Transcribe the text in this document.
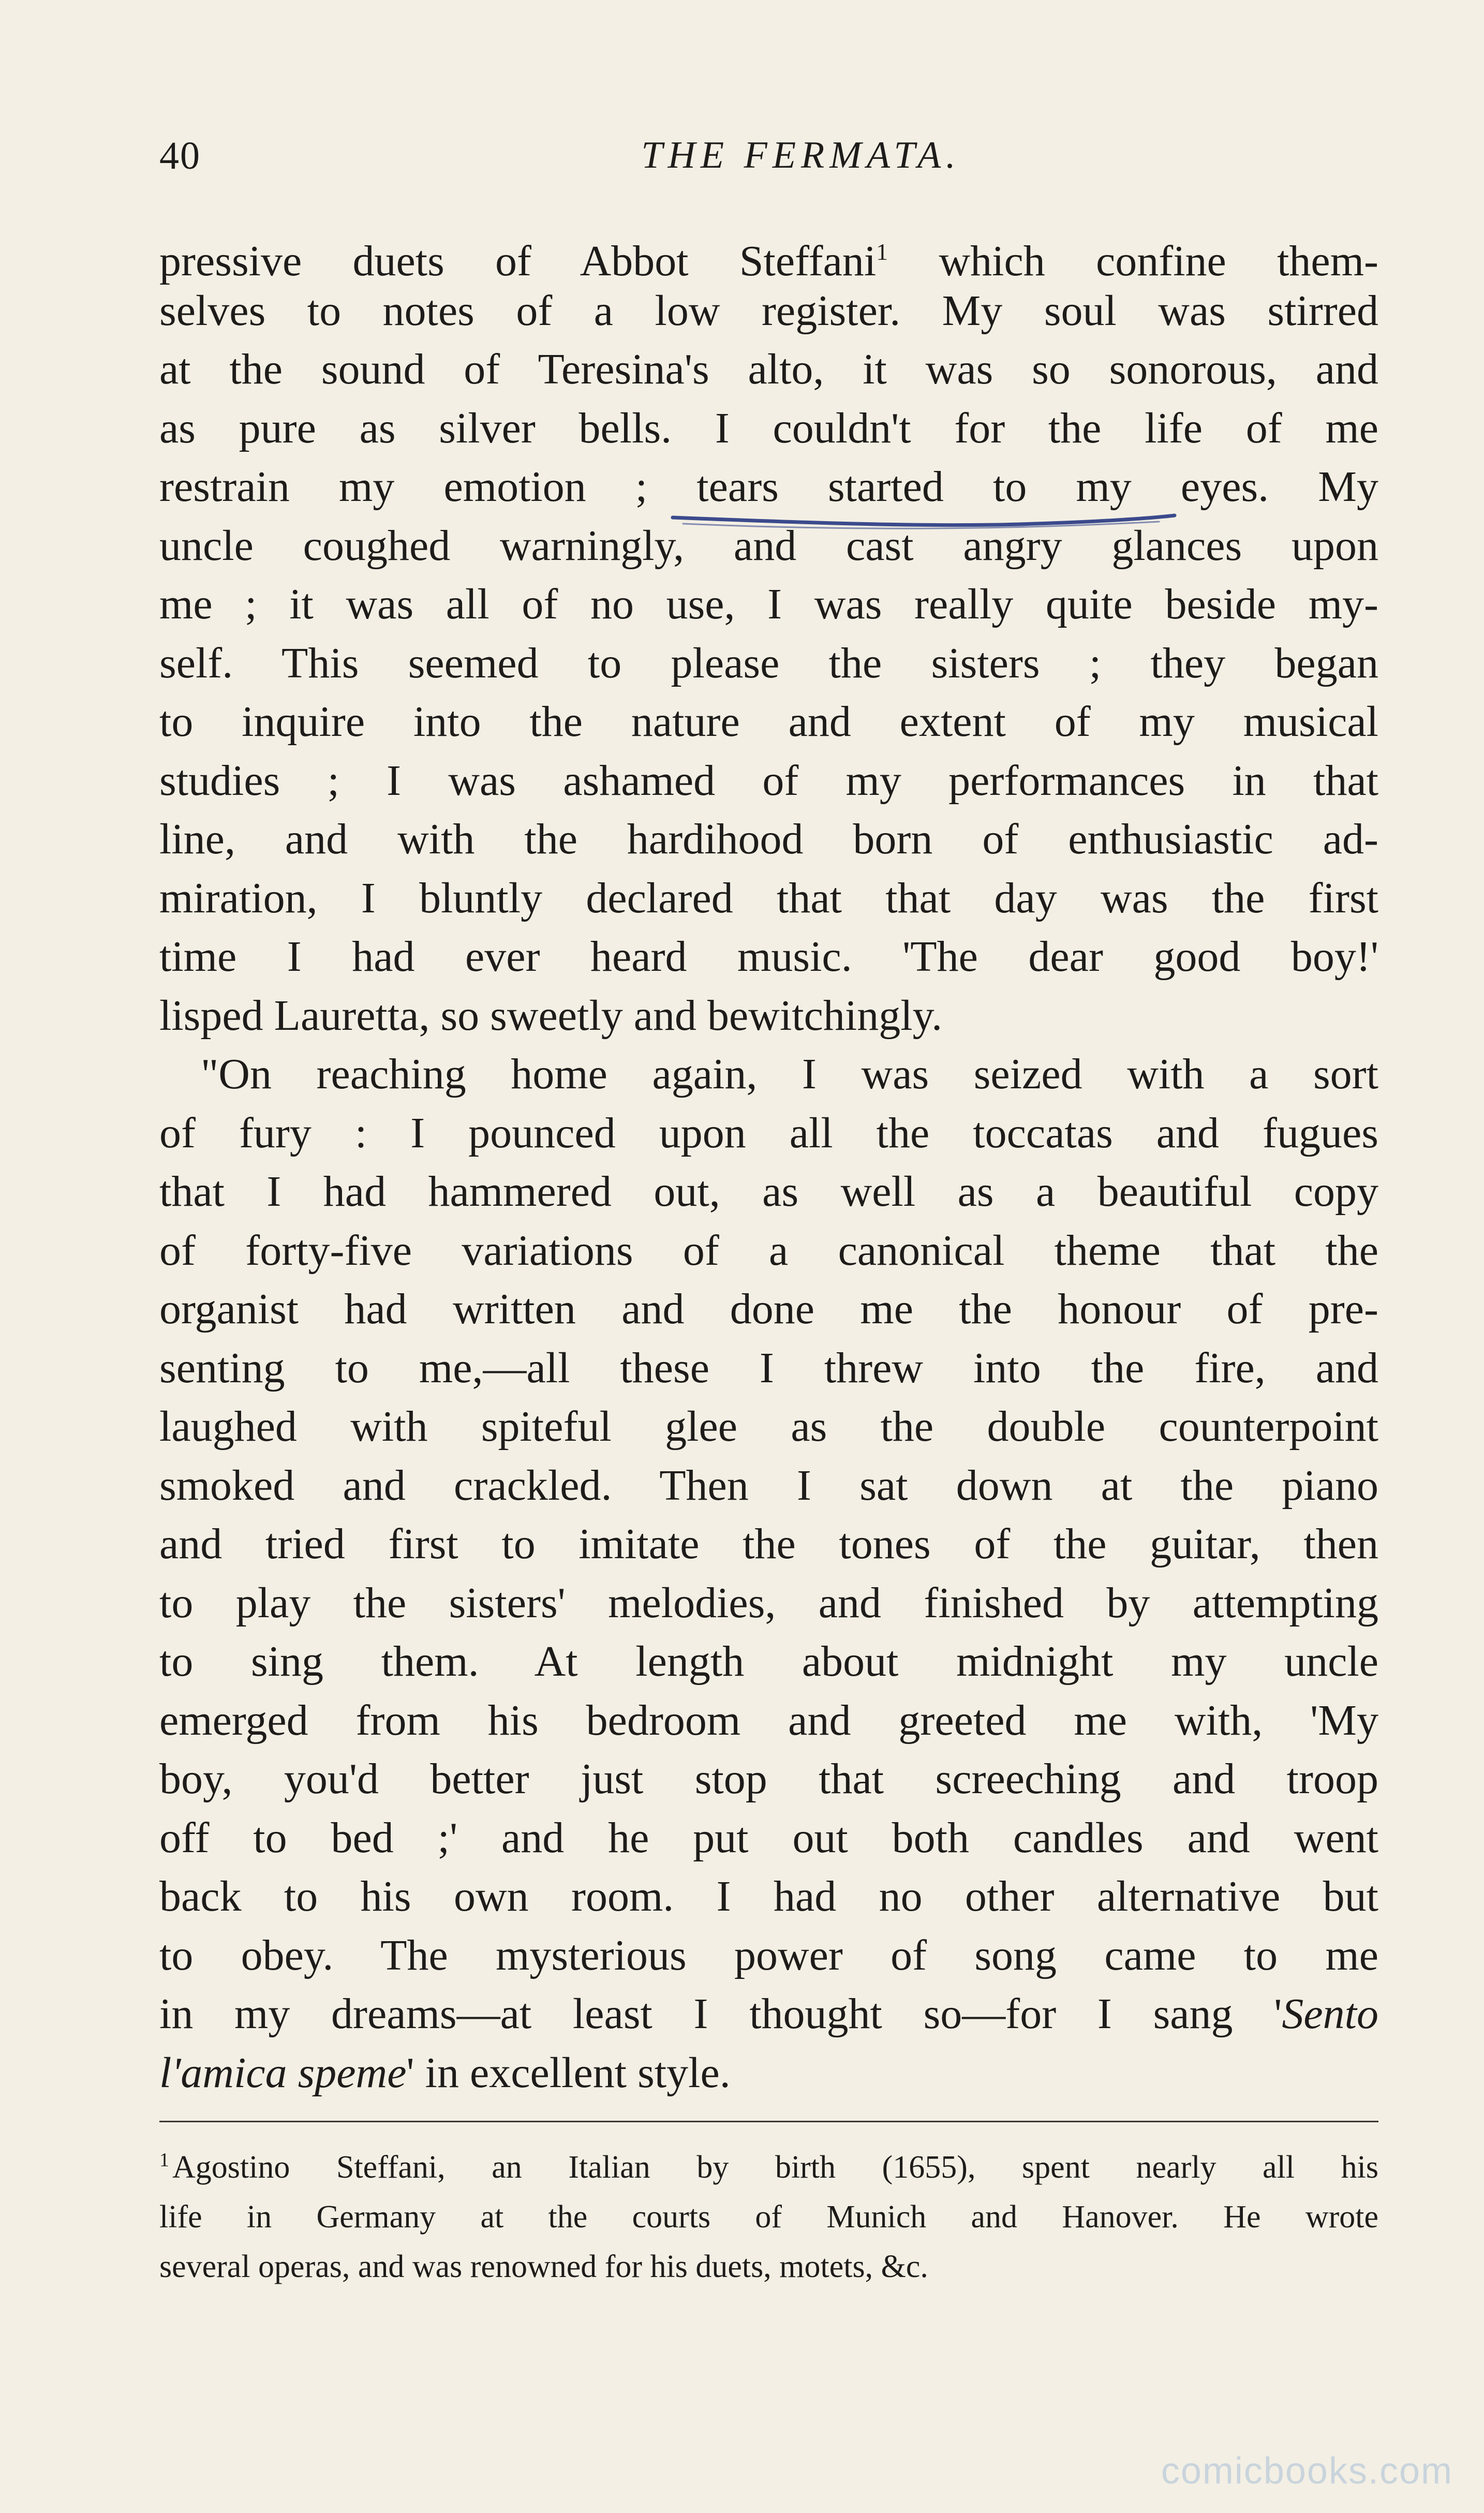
40	THE FERMATA.
pressive duets of Abbot Steffani$^1$ which confine them-
selves to notes of a low register. My soul was stirred
at the sound of Teresina's alto, it was so sonorous, and
as pure as silver bells. I couldn't for the life of me
restrain my emotion ; tears started to my eyes. My
uncle coughed warningly, and cast angry glances upon
me ; it was all of no use, I was really quite beside my-
self. This seemed to please the sisters ; they began
to inquire into the nature and extent of my musical
studies ; I was ashamed of my performances in that
line, and with the hardihood born of enthusiastic ad-
miration, I bluntly declared that that day was the first
time I had ever heard music. 'The dear good boy!'
lisped Lauretta, so sweetly and bewitchingly.
"On reaching home again, I was seized with a sort
of fury : I pounced upon all the toccatas and fugues
that I had hammered out, as well as a beautiful copy
of forty-five variations of a canonical theme that the
organist had written and done me the honour of pre-
senting to me,—all these I threw into the fire, and
laughed with spiteful glee as the double counterpoint
smoked and crackled. Then I sat down at the piano
and tried first to imitate the tones of the guitar, then
to play the sisters' melodies, and finished by attempting
to sing them. At length about midnight my uncle
emerged from his bedroom and greeted me with, 'My
boy, you'd better just stop that screeching and troop
off to bed ;' and he put out both candles and went
back to his own room. I had no other alternative but
to obey. The mysterious power of song came to me
in my dreams—at least I thought so—for I sang 'Sento
l'amica speme' in excellent style.
$^1$Agostino Steffani, an Italian by birth (1655), spent nearly all his
life in Germany at the courts of Munich and Hanover. He wrote
several operas, and was renowned for his duets, motets, &c.
comicbooks.com
